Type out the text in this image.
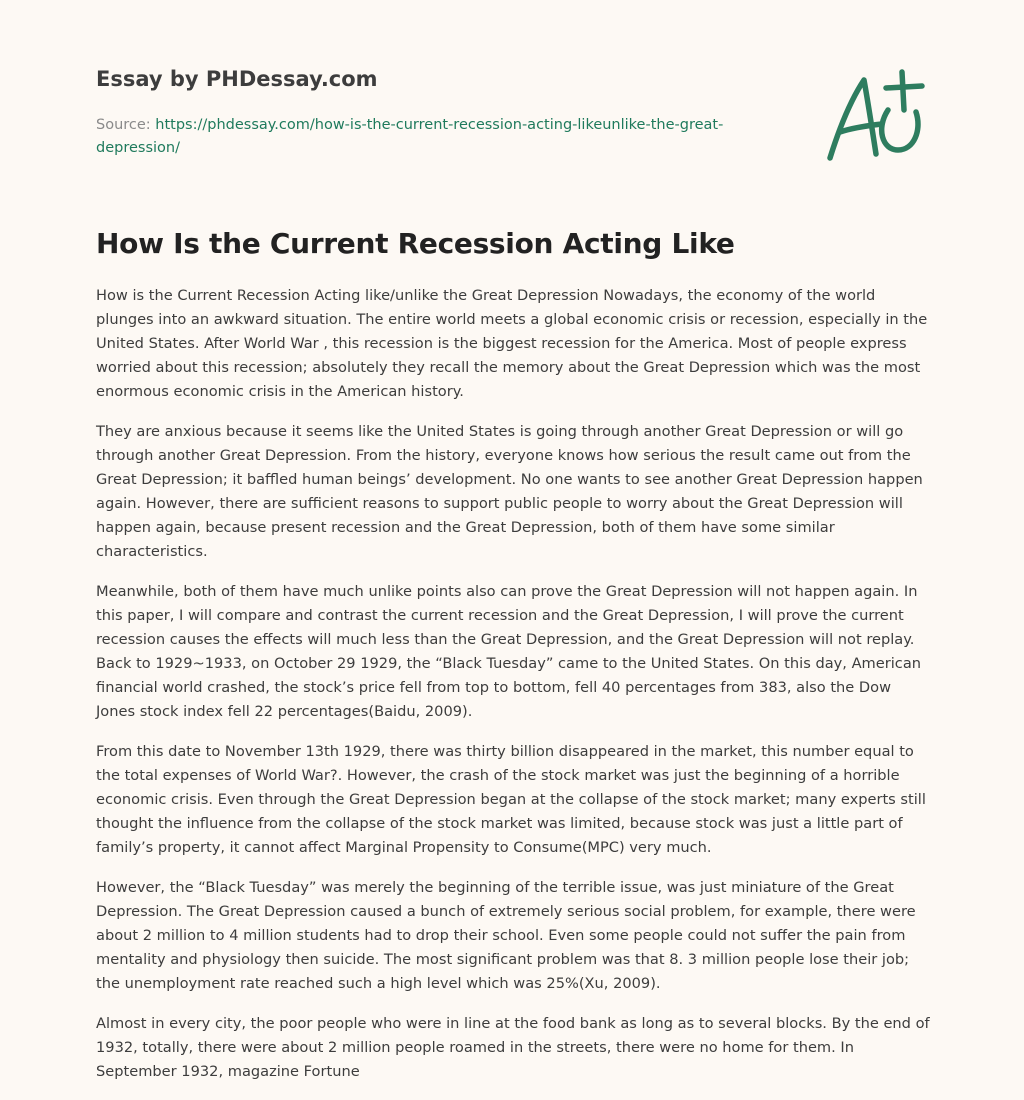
Essay by PHDessay.com
Source: https://phdessay.com/how-is-the-current-recession-acting-likeunlike-the-great-depression/
How Is the Current Recession Acting Like

How is the Current Recession Acting like/unlike the Great Depression Nowadays, the economy of the world plunges into an awkward situation. The entire world meets a global economic crisis or recession, especially in the United States. After World War , this recession is the biggest recession for the America. Most of people express worried about this recession; absolutely they recall the memory about the Great Depression which was the most enormous economic crisis in the American history.

They are anxious because it seems like the United States is going through another Great Depression or will go through another Great Depression. From the history, everyone knows how serious the result came out from the Great Depression; it baffled human beings’ development. No one wants to see another Great Depression happen again. However, there are sufficient reasons to support public people to worry about the Great Depression will happen again, because present recession and the Great Depression, both of them have some similar characteristics.

Meanwhile, both of them have much unlike points also can prove the Great Depression will not happen again. In this paper, I will compare and contrast the current recession and the Great Depression, I will prove the current recession causes the effects will much less than the Great Depression, and the Great Depression will not replay. Back to 1929~1933, on October 29 1929, the “Black Tuesday” came to the United States. On this day, American financial world crashed, the stock’s price fell from top to bottom, fell 40 percentages from 383, also the Dow Jones stock index fell 22 percentages(Baidu, 2009).

From this date to November 13th 1929, there was thirty billion disappeared in the market, this number equal to the total expenses of World War?. However, the crash of the stock market was just the beginning of a horrible economic crisis. Even through the Great Depression began at the collapse of the stock market; many experts still thought the influence from the collapse of the stock market was limited, because stock was just a little part of family’s property, it cannot affect Marginal Propensity to Consume(MPC) very much.

However, the “Black Tuesday” was merely the beginning of the terrible issue, was just miniature of the Great Depression. The Great Depression caused a bunch of extremely serious social problem, for example, there were about 2 million to 4 million students had to drop their school. Even some people could not suffer the pain from mentality and physiology then suicide. The most significant problem was that 8. 3 million people lose their job; the unemployment rate reached such a high level which was 25%(Xu, 2009).

Almost in every city, the poor people who were in line at the food bank as long as to several blocks. By the end of 1932, totally, there were about 2 million people roamed in the streets, there were no home for them. In September 1932, magazine Fortune
